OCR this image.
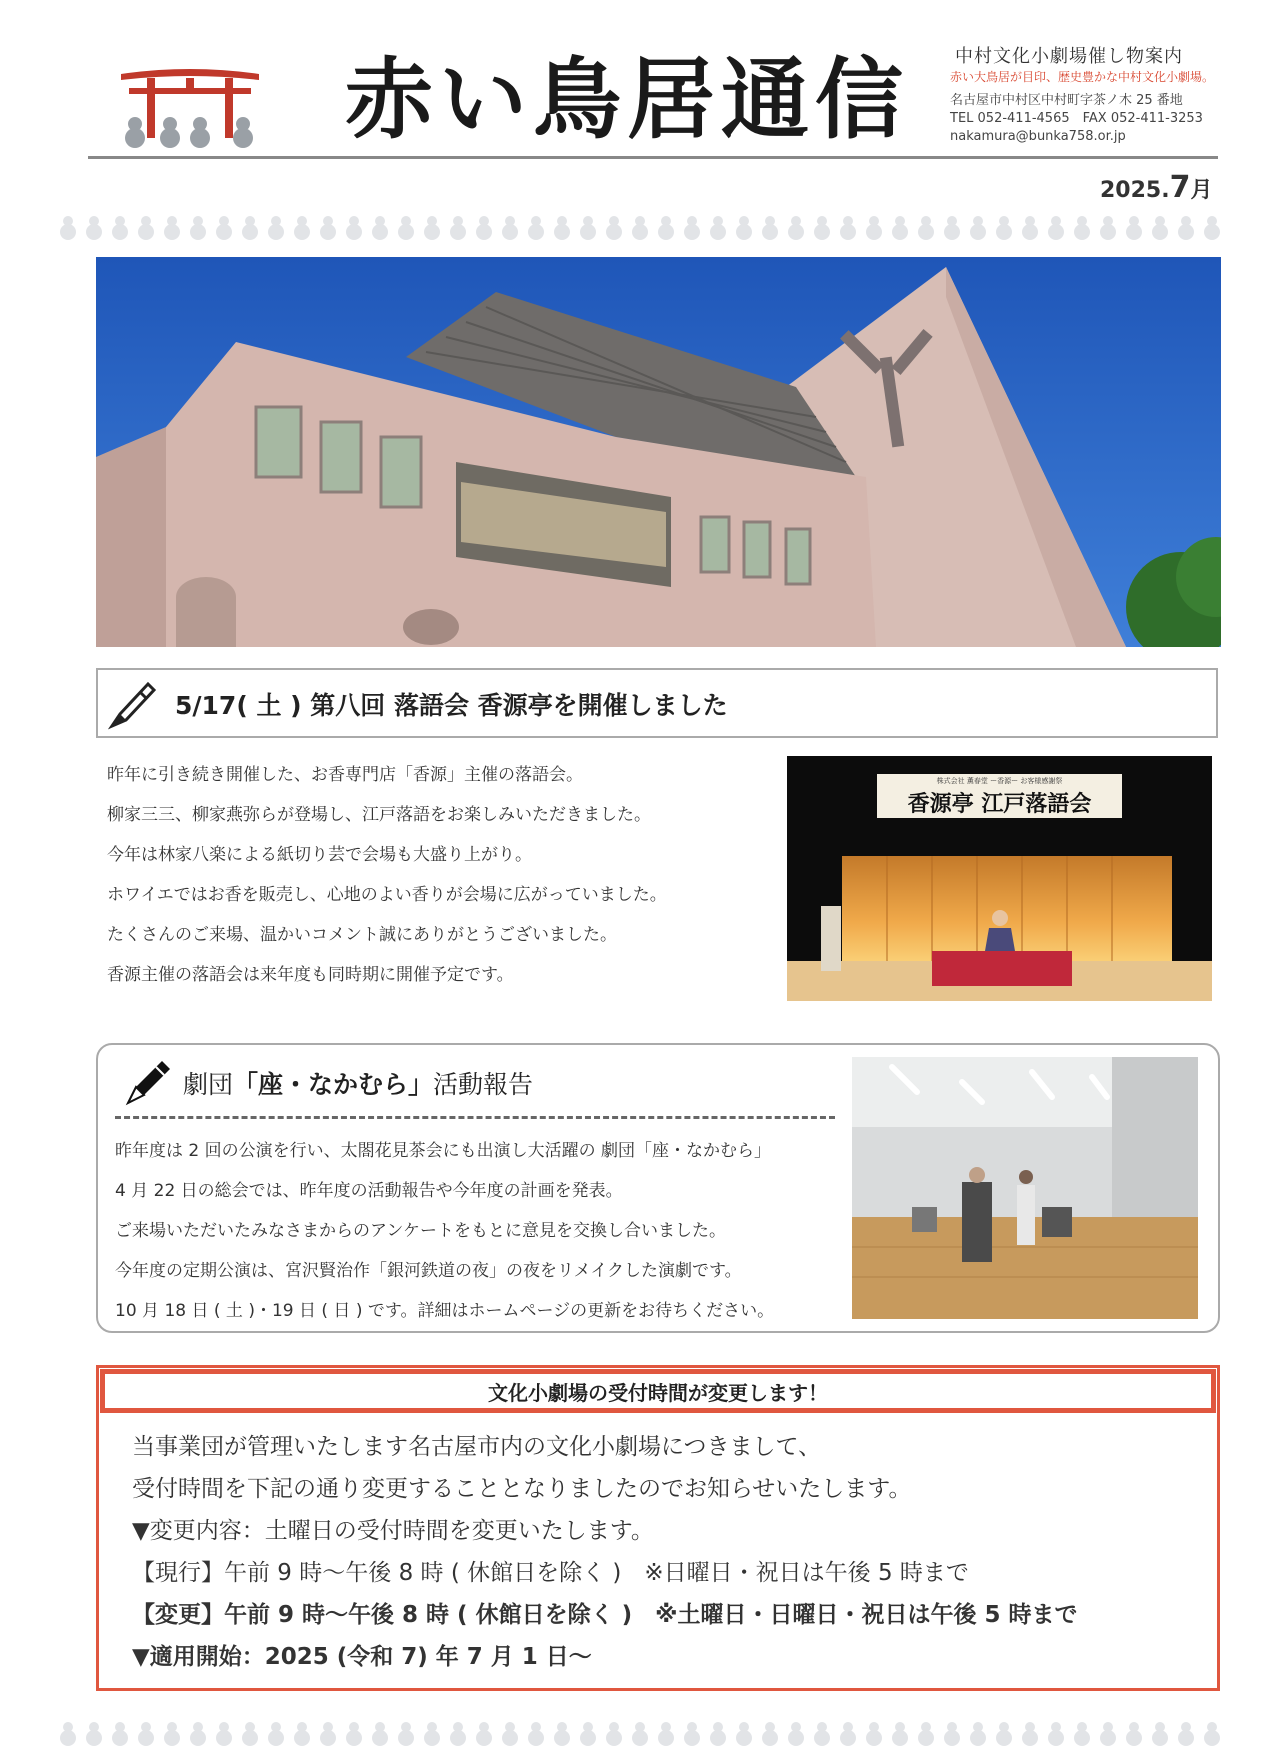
赤い鳥居通信	中村文化小劇場催し物案内
赤い大鳥居が目印、歴史豊かな中村文化小劇場。
名古屋市中村区中村町字茶ノ木 25 番地
TEL 052-411-4565　FAX 052-411-3253
nakamura@bunka758.or.jp
2025.7月
5/17( 土 ) 第八回 落語会 香源亭を開催しました
昨年に引き続き開催した、お香専門店「香源」主催の落語会。
柳家三三、柳家燕弥らが登場し、江戸落語をお楽しみいただきました。
今年は林家八楽による紙切り芸で会場も大盛り上がり。
ホワイエではお香を販売し、心地のよい香りが会場に広がっていました。
たくさんのご来場、温かいコメント誠にありがとうございました。
香源主催の落語会は来年度も同時期に開催予定です。
株式会社 薫春堂 ー香源ー お客様感謝祭
香源亭 江戸落語会
劇団「座・なかむら」活動報告
昨年度は 2 回の公演を行い、太閤花見茶会にも出演し大活躍の 劇団「座・なかむら」
4 月 22 日の総会では、昨年度の活動報告や今年度の計画を発表。
ご来場いただいたみなさまからのアンケートをもとに意見を交換し合いました。
今年度の定期公演は、宮沢賢治作「銀河鉄道の夜」の夜をリメイクした演劇です。
10 月 18 日 ( 土 )・19 日 ( 日 ) です。詳細はホームページの更新をお待ちください。
文化小劇場の受付時間が変更します！
当事業団が管理いたします名古屋市内の文化小劇場につきまして、
受付時間を下記の通り変更することとなりましたのでお知らせいたします。
▼変更内容：土曜日の受付時間を変更いたします。
【現行】午前 9 時～午後 8 時 ( 休館日を除く )　※日曜日・祝日は午後 5 時まで
【変更】午前 9 時～午後 8 時 ( 休館日を除く )　※土曜日・日曜日・祝日は午後 5 時まで
▼適用開始：2025 (令和 7) 年 7 月 1 日～
